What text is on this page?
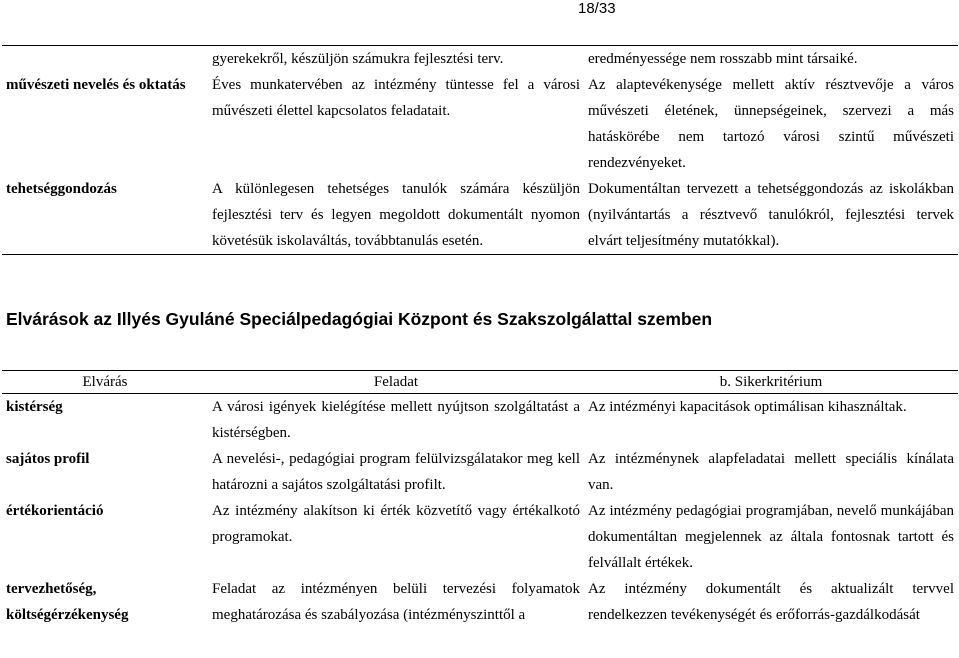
18/33
	gyerekekről, készüljön számukra fejlesztési terv.	eredményessége nem rosszabb mint társaiké.
művészeti nevelés és oktatás	Éves munkatervében az intézmény tüntesse fel a városi művészeti élettel kapcsolatos feladatait.	Az alaptevékenysége mellett aktív résztvevője a város művészeti életének, ünnepségeinek, szervezi a más hatáskörébe nem tartozó városi szintű művészeti rendezvényeket.
tehetséggondozás	A különlegesen tehetséges tanulók számára készüljön fejlesztési terv és legyen megoldott dokumentált nyomon követésük iskolaváltás, továbbtanulás esetén.	Dokumentáltan tervezett a tehetséggondozás az iskolákban (nyilvántartás a résztvevő tanulókról, fejlesztési tervek elvárt teljesítmény mutatókkal).
Elvárások az Illyés Gyuláné Speciálpedagógiai Központ és Szakszolgálattal szemben
Elvárás	Feladat	b. Sikerkritérium
kistérség	A városi igények kielégítése mellett nyújtson szolgáltatást a kistérségben.	Az intézményi kapacitások optimálisan kihasználtak.
sajátos profil	A nevelési-, pedagógiai program felülvizsgálatakor meg kell határozni a sajátos szolgáltatási profilt.	Az intézménynek alapfeladatai mellett speciális kínálata van.
értékorientáció	Az intézmény alakítson ki érték közvetítő vagy értékalkotó programokat.	Az intézmény pedagógiai programjában, nevelő munkájában dokumentáltan megjelennek az általa fontosnak tartott és felvállalt értékek.
tervezhetőség, költségérzékenység	Feladat az intézményen belüli tervezési folyamatok meghatározása és szabályozása (intézményszinttől a	Az intézmény dokumentált és aktualizált tervvel rendelkezzen tevékenységét és erőforrás-gazdálkodását
